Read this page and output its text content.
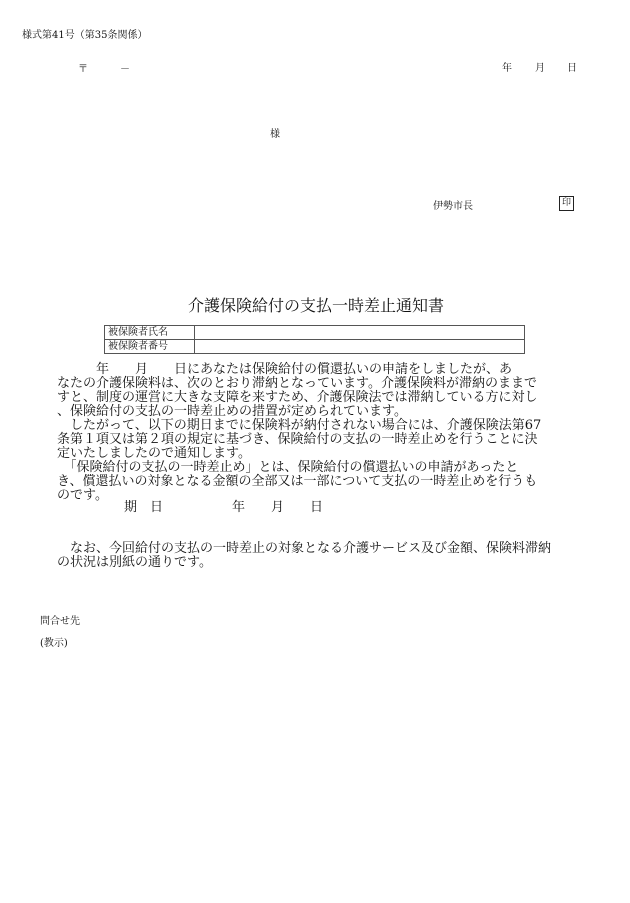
様式第41号（第35条関係）
〒	－	年 月 日
様
伊勢市長	印
介護保険給付の支払一時差止通知書
被保険者氏名	
被保険者番号	
　　　年　　月　　日にあなたは保険給付の償還払いの申請をしましたが、あ
なたの介護保険料は、次のとおり滞納となっています。介護保険料が滞納のままで
すと、制度の運営に大きな支障を来すため、介護保険法では滞納している方に対し
、保険給付の支払の一時差止めの措置が定められています。
　したがって、以下の期日までに保険料が納付されない場合には、介護保険法第67
条第１項又は第２項の規定に基づき、保険給付の支払の一時差止めを行うことに決
定いたしましたので通知します。
　「保険給付の支払の一時差止め」とは、保険給付の償還払いの申請があったと
き、償還払いの対象となる金額の全部又は一部について支払の一時差止めを行うも
のです。
期　日	年　　月　　日
　なお、今回給付の支払の一時差止の対象となる介護サービス及び金額、保険料滞納
の状況は別紙の通りです。
問合せ先
(教示)
